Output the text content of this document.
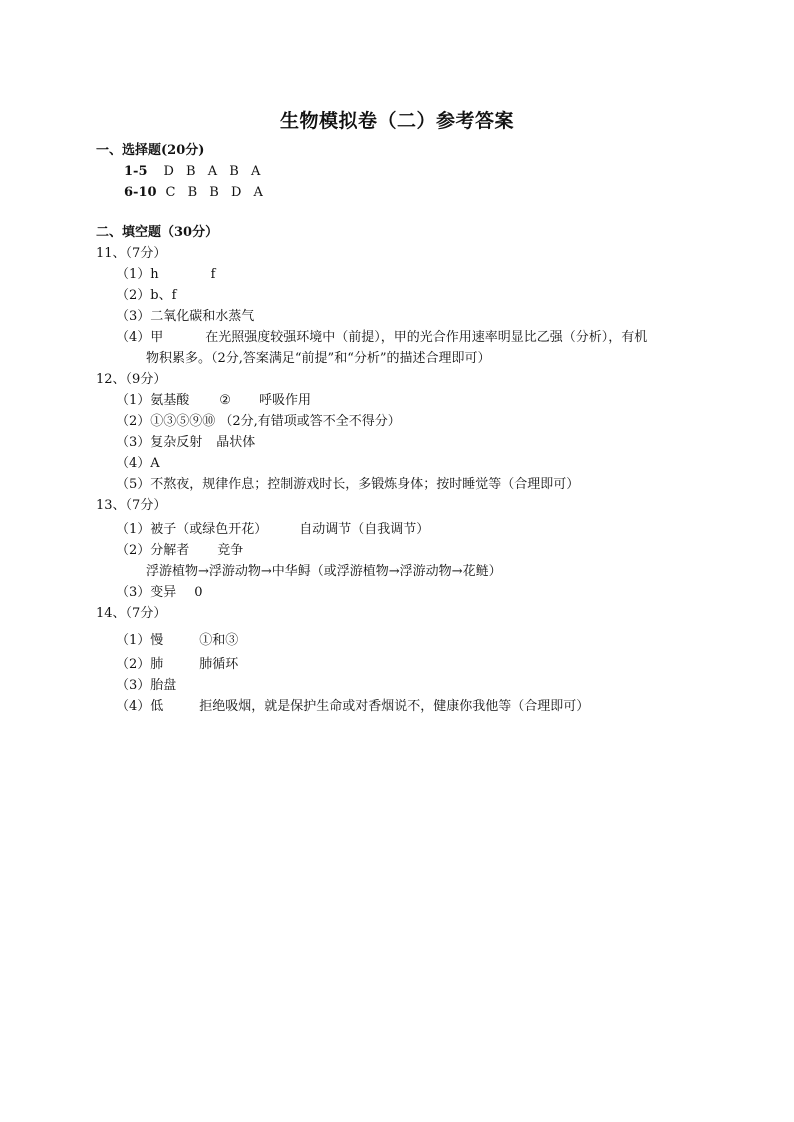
生物模拟卷（二）参考答案
一、选择题(20分)
1-5 D B A B A
6-10 C B B D A
二、填空题（30分）
11、（7分）
（1）h	f
（2）b、f
（3）二氧化碳和水蒸气
（4）甲	在光照强度较强环境中（前提），甲的光合作用速率明显比乙强（分析），有机
物积累多。（2分,答案满足“前提”和“分析”的描述合理即可）
12、（9分）
（1）氨基酸 ② 呼吸作用
（2）①③⑤⑨⑩ （2分,有错项或答不全不得分）
（3）复杂反射 晶状体
（4）A
（5）不熬夜，规律作息；控制游戏时长，多锻炼身体；按时睡觉等（合理即可）
13、（7分）
（1）被子（或绿色开花） 自动调节（自我调节）
（2）分解者 竞争
浮游植物→浮游动物→中华鲟（或浮游植物→浮游动物→花鲢）
（3）变异 0
14、（7分）
（1）慢	①和③
（2）肺	肺循环
（3）胎盘
（4）低	拒绝吸烟，就是保护生命或对香烟说不，健康你我他等（合理即可）
